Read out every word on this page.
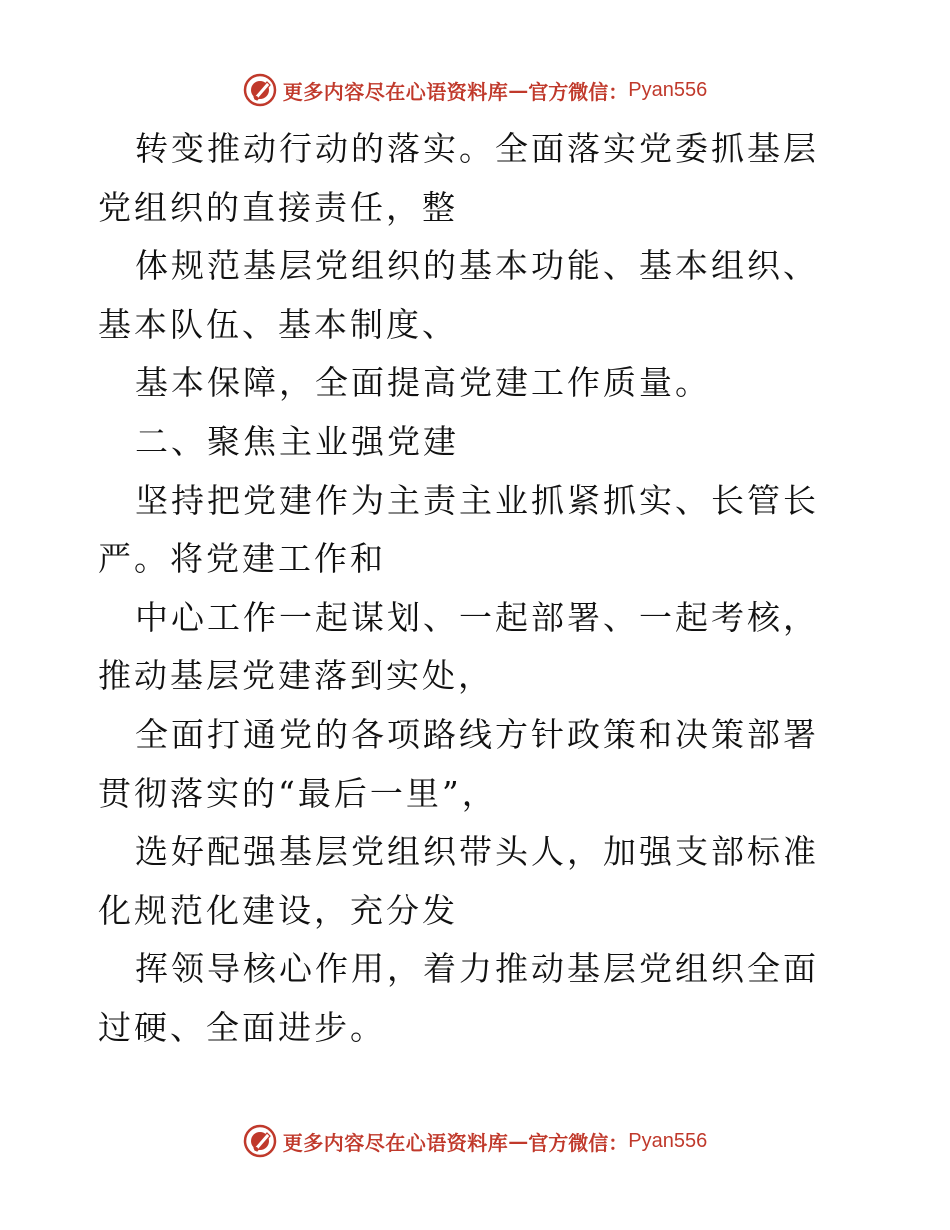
更多内容尽在心语资料库 — 官方微信： Pyan556

转变推动行动的落实。全面落实党委抓基层党组织的直接责任，整

体规范基层党组织的基本功能、基本组织、基本队伍、基本制度、

基本保障，全面提高党建工作质量。

二、聚焦主业强党建

坚持把党建作为主责主业抓紧抓实、长管长严。将党建工作和

中心工作一起谋划、一起部署、一起考核，推动基层党建落到实处，

全面打通党的各项路线方针政策和决策部署贯彻落实的“最后一里”，

选好配强基层党组织带头人，加强支部标准化规范化建设，充分发

挥领导核心作用，着力推动基层党组织全面过硬、全面进步。

更多内容尽在心语资料库 — 官方微信： Pyan556
